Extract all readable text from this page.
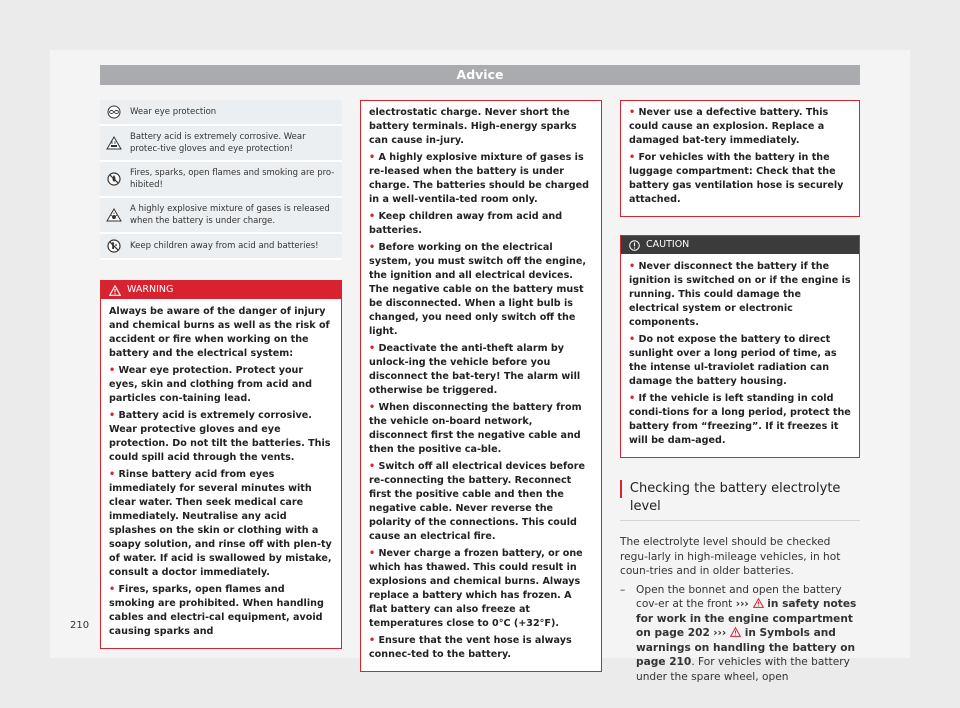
Advice
Wear eye protection
Battery acid is extremely corrosive. Wear protec-tive gloves and eye protection!
Fires, sparks, open flames and smoking are pro-hibited!
A highly explosive mixture of gases is released when the battery is under charge.
Keep children away from acid and batteries!
WARNING

Always be aware of the danger of injury and chemical burns as well as the risk of accident or fire when working on the battery and the electrical system:

• Wear eye protection. Protect your eyes, skin and clothing from acid and particles con-taining lead.

• Battery acid is extremely corrosive. Wear protective gloves and eye protection. Do not tilt the batteries. This could spill acid through the vents.

• Rinse battery acid from eyes immediately for several minutes with clear water. Then seek medical care immediately. Neutralise any acid splashes on the skin or clothing with a soapy solution, and rinse off with plen-ty of water. If acid is swallowed by mistake, consult a doctor immediately.

• Fires, sparks, open flames and smoking are prohibited. When handling cables and electri-cal equipment, avoid causing sparks and

electrostatic charge. Never short the battery terminals. High-energy sparks can cause in-jury.

• A highly explosive mixture of gases is re-leased when the battery is under charge. The batteries should be charged in a well-ventila-ted room only.

• Keep children away from acid and batteries.

• Before working on the electrical system, you must switch off the engine, the ignition and all electrical devices. The negative cable on the battery must be disconnected. When a light bulb is changed, you need only switch off the light.

• Deactivate the anti-theft alarm by unlock-ing the vehicle before you disconnect the bat-tery! The alarm will otherwise be triggered.

• When disconnecting the battery from the vehicle on-board network, disconnect first the negative cable and then the positive ca-ble.

• Switch off all electrical devices before re-connecting the battery. Reconnect first the positive cable and then the negative cable. Never reverse the polarity of the connections. This could cause an electrical fire.

• Never charge a frozen battery, or one which has thawed. This could result in explosions and chemical burns. Always replace a battery which has frozen. A flat battery can also freeze at temperatures close to 0°C (+32°F).

• Ensure that the vent hose is always connec-ted to the battery.

• Never use a defective battery. This could cause an explosion. Replace a damaged bat-tery immediately.

• For vehicles with the battery in the luggage compartment: Check that the battery gas ventilation hose is securely attached.

CAUTION

• Never disconnect the battery if the ignition is switched on or if the engine is running. This could damage the electrical system or electronic components.

• Do not expose the battery to direct sunlight over a long period of time, as the intense ul-traviolet radiation can damage the battery housing.

• If the vehicle is left standing in cold condi-tions for a long period, protect the battery from “freezing”. If it freezes it will be dam-aged.

Checking the battery electrolyte level

The electrolyte level should be checked regu-larly in high-mileage vehicles, in hot coun-tries and in older batteries.

–	Open the bonnet and open the battery cov-er at the front ›››  in safety notes for work in the engine compartment on page 202 ›››  in Symbols and warnings on handling the battery on page 210. For vehicles with the battery under the spare wheel, open
210
